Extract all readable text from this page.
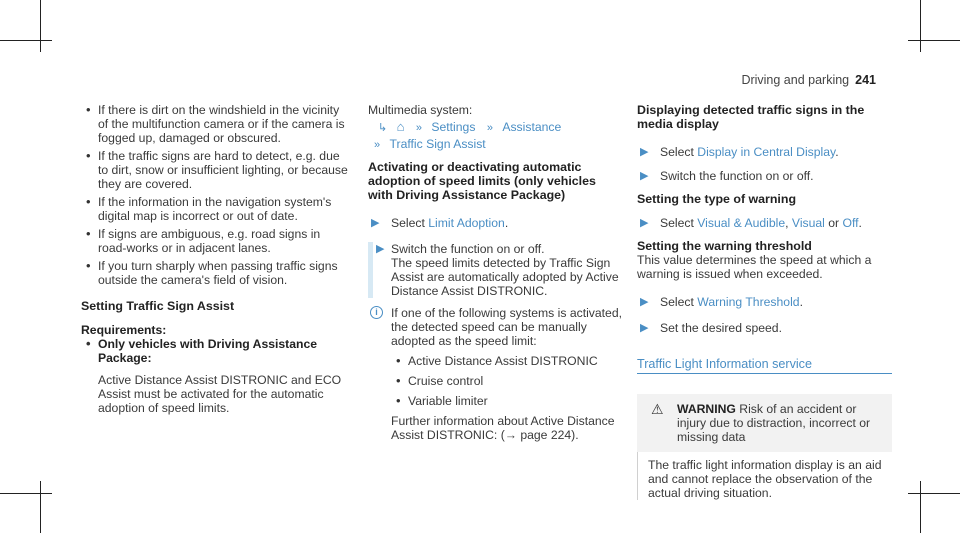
Driving and parking 241
• If there is dirt on the windshield in the vicinity of the multifunction camera or if the camera is fogged up, damaged or obscured.
• If the traffic signs are hard to detect, e.g. due to dirt, snow or insufficient lighting, or because they are covered.
• If the information in the navigation system's digital map is incorrect or out of date.
• If signs are ambiguous, e.g. road signs in road-works or in adjacent lanes.
• If you turn sharply when passing traffic signs outside the camera's field of vision.
Setting Traffic Sign Assist
Requirements:
• Only vehicles with Driving Assistance Package:

Active Distance Assist DISTRONIC and ECO Assist must be activated for the automatic adoption of speed limits.

Multimedia system:

↳ ⌂ » Settings » Assistance
» Traffic Sign Assist
Activating or deactivating automatic adoption of speed limits (only vehicles with Driving Assistance Package)
▶ Select Limit Adoption.
▶ Switch the function on or off.

The speed limits detected by Traffic Sign Assist are automatically adopted by Active Distance Assist DISTRONIC.

i	If one of the following systems is activated, the detected speed can be manually adopted as the speed limit:

• Active Distance Assist DISTRONIC
• Cruise control
• Variable limiter

Further information about Active Distance Assist DISTRONIC: (→ page 224).

Displaying detected traffic signs in the media display
▶ Select Display in Central Display.
▶ Switch the function on or off.
Setting the type of warning
▶ Select Visual & Audible, Visual or Off.
Setting the warning threshold

This value determines the speed at which a warning is issued when exceeded.

▶ Select Warning Threshold.
▶ Set the desired speed.
Traffic Light Information service
⚠ WARNING Risk of an accident or injury due to distraction, incorrect or missing data
The traffic light information display is an aid and cannot replace the observation of the actual driving situation.
